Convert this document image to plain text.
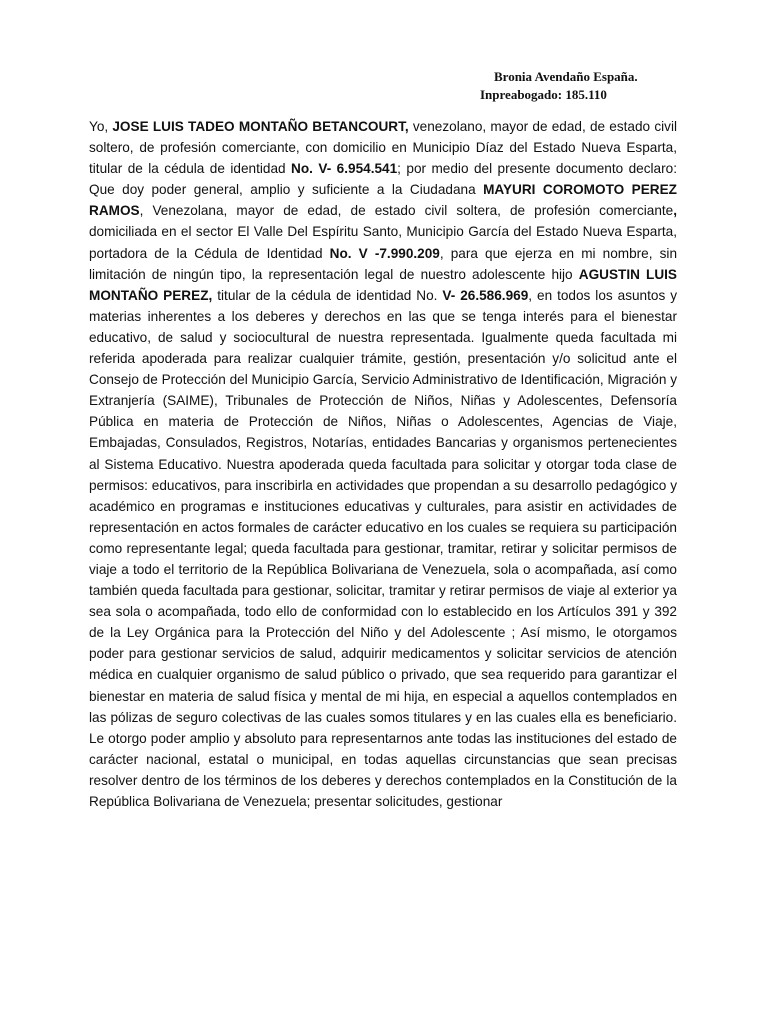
Bronia Avendaño España.
Inpreabogado: 185.110

Yo, JOSE LUIS TADEO MONTAÑO BETANCOURT, venezolano, mayor de edad, de estado civil soltero, de profesión comerciante, con domicilio en Municipio Díaz del Estado Nueva Esparta, titular de la cédula de identidad No. V- 6.954.541; por medio del presente documento declaro: Que doy poder general, amplio y suficiente a la Ciudadana MAYURI COROMOTO PEREZ RAMOS, Venezolana, mayor de edad, de estado civil soltera, de profesión comerciante, domiciliada en el sector El Valle Del Espíritu Santo, Municipio García del Estado Nueva Esparta, portadora de la Cédula de Identidad No. V -7.990.209, para que ejerza en mi nombre, sin limitación de ningún tipo, la representación legal de nuestro adolescente hijo AGUSTIN LUIS MONTAÑO PEREZ, titular de la cédula de identidad No. V- 26.586.969, en todos los asuntos y materias inherentes a los deberes y derechos en las que se tenga interés para el bienestar educativo, de salud y sociocultural de nuestra representada. Igualmente queda facultada mi referida apoderada para realizar cualquier trámite, gestión, presentación y/o solicitud ante el Consejo de Protección del Municipio García, Servicio Administrativo de Identificación, Migración y Extranjería (SAIME), Tribunales de Protección de Niños, Niñas y Adolescentes, Defensoría Pública en materia de Protección de Niños, Niñas o Adolescentes, Agencias de Viaje, Embajadas, Consulados, Registros, Notarías, entidades Bancarias y organismos pertenecientes al Sistema Educativo. Nuestra apoderada queda facultada para solicitar y otorgar toda clase de permisos: educativos, para inscribirla en actividades que propendan a su desarrollo pedagógico y académico en programas e instituciones educativas y culturales, para asistir en actividades de representación en actos formales de carácter educativo en los cuales se requiera su participación como representante legal; queda facultada para gestionar, tramitar, retirar y solicitar permisos de viaje a todo el territorio de la República Bolivariana de Venezuela, sola o acompañada, así como también queda facultada para gestionar, solicitar, tramitar y retirar permisos de viaje al exterior ya sea sola o acompañada, todo ello de conformidad con lo establecido en los Artículos 391 y 392 de la Ley Orgánica para la Protección del Niño y del Adolescente ; Así mismo, le otorgamos poder para gestionar servicios de salud, adquirir medicamentos y solicitar servicios de atención médica en cualquier organismo de salud público o privado, que sea requerido para garantizar el bienestar en materia de salud física y mental de mi hija, en especial a aquellos contemplados en las pólizas de seguro colectivas de las cuales somos titulares y en las cuales ella es beneficiario. Le otorgo poder amplio y absoluto para representarnos ante todas las instituciones del estado de carácter nacional, estatal o municipal, en todas aquellas circunstancias que sean precisas resolver dentro de los términos de los deberes y derechos contemplados en la Constitución de la República Bolivariana de Venezuela; presentar solicitudes, gestionar
